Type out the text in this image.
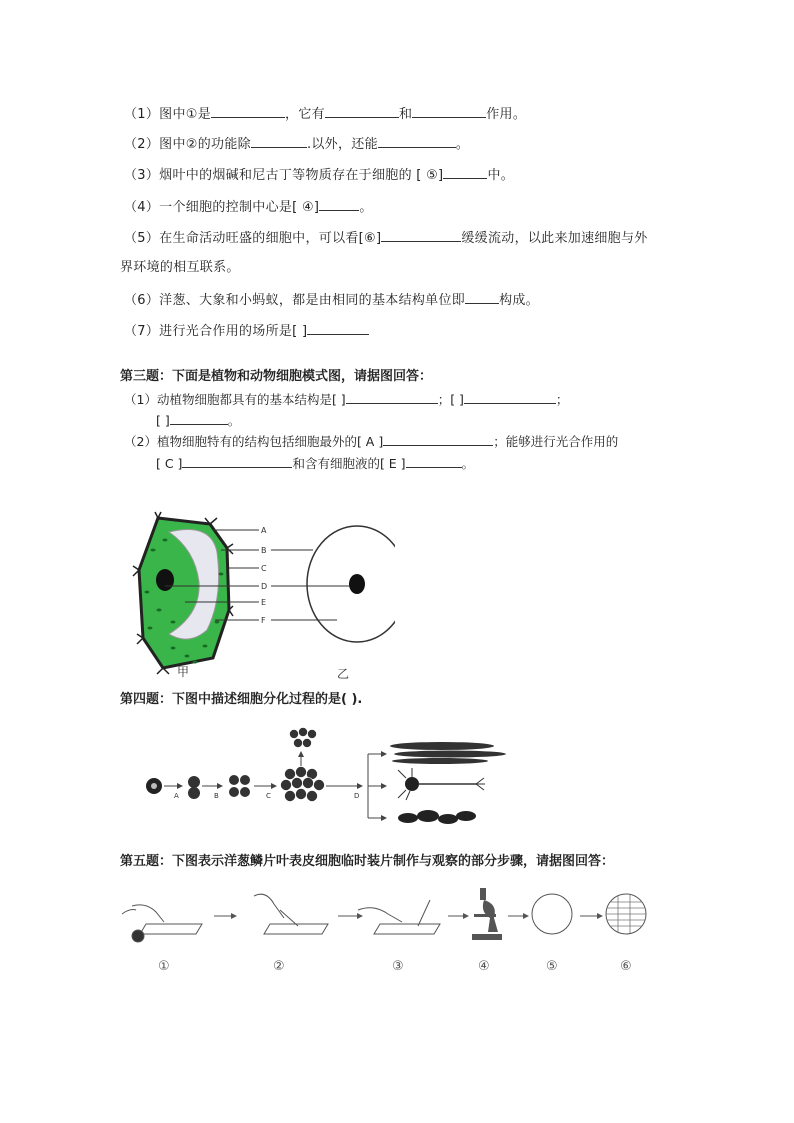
（1）图中①是	，它有	和	作用。
（2）图中②的功能除	.以外，还能	。
（3）烟叶中的烟碱和尼古丁等物质存在于细胞的 [ ⑤]	中。
（4）一个细胞的控制中心是[ ④]	。
（5）在生命活动旺盛的细胞中，可以看[⑥]	缓缓流动，以此来加速细胞与外
界环境的相互联系。
（6）洋葱、大象和小蚂蚁，都是由相同的基本结构单位即	构成。
（7）进行光合作用的场所是[ ]
第三题：下面是植物和动物细胞模式图，请据图回答：
（1）动植物细胞都具有的基本结构是[ ]	；[ ]	；
[ ]	。
（2）植物细胞特有的结构包括细胞最外的[ A ]	；能够进行光合作用的
[ C ]	和含有细胞液的[ E ]	。
A
B
C
D
E
F
甲	乙
第四题：下图中描述细胞分化过程的是( ).
A	B	C	D
第五题：下图表示洋葱鳞片叶表皮细胞临时装片制作与观察的部分步骤，请据图回答：
①	②	③	④	⑤	⑥
